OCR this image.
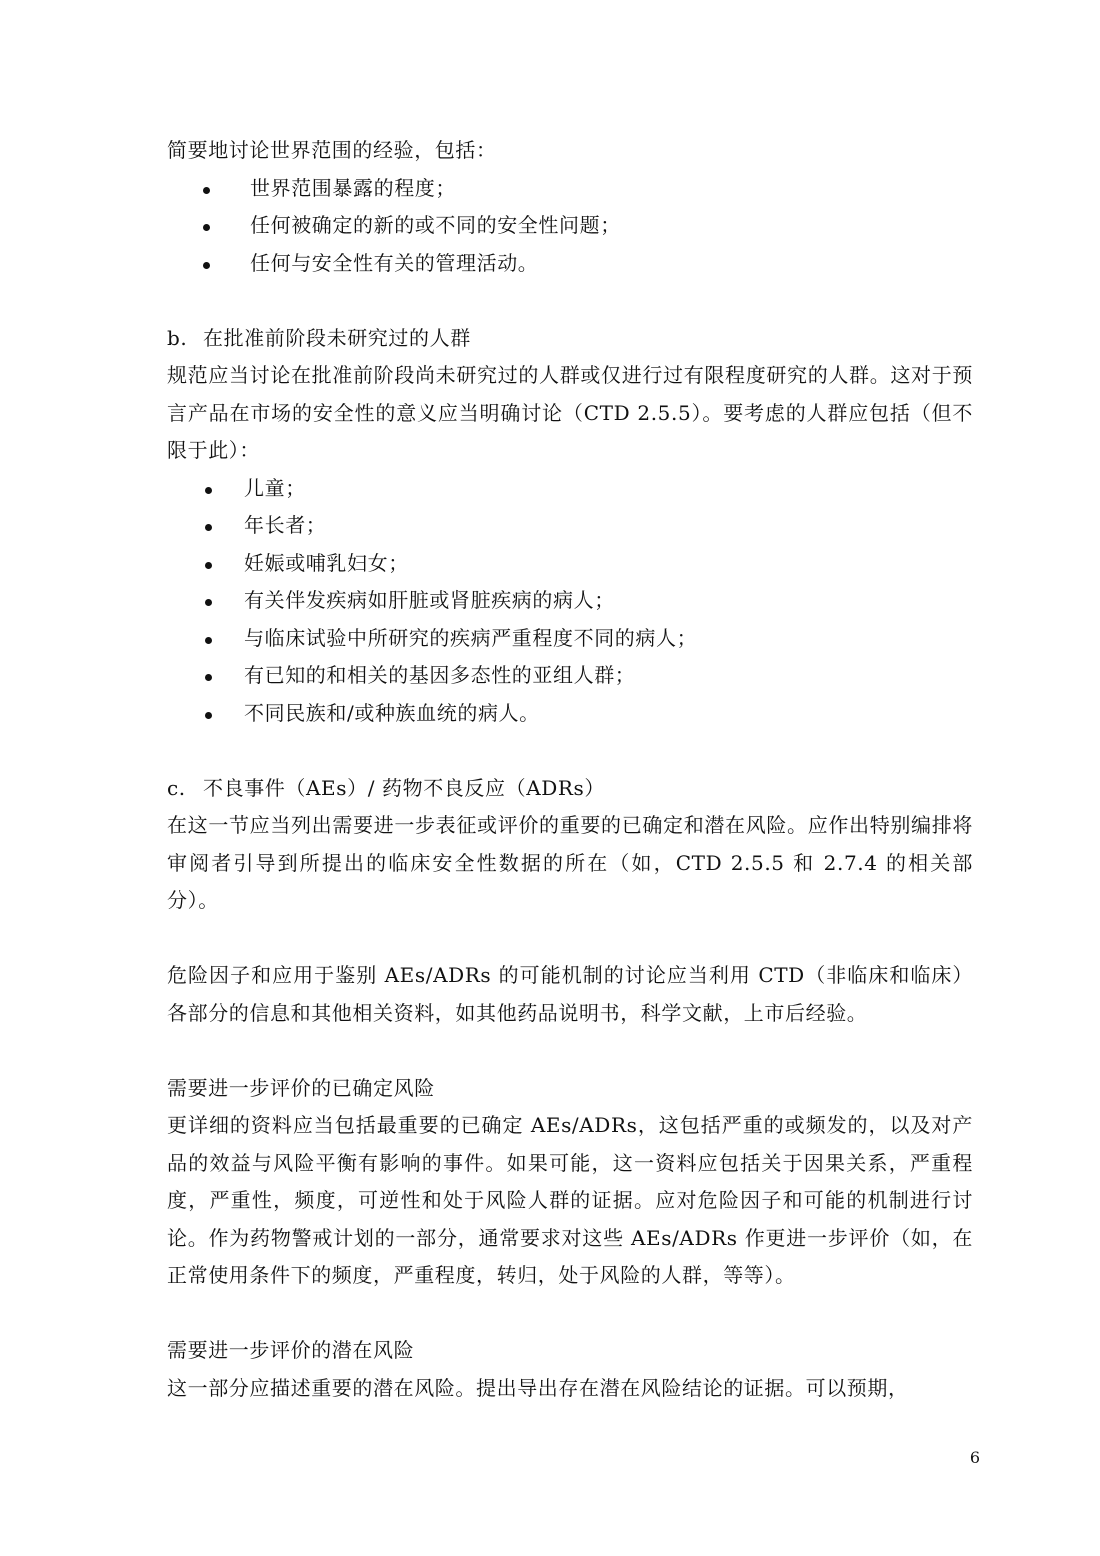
简要地讨论世界范围的经验，包括：

世界范围暴露的程度；
任何被确定的新的或不同的安全性问题；
任何与安全性有关的管理活动。

b. 在批准前阶段未研究过的人群

规范应当讨论在批准前阶段尚未研究过的人群或仅进行过有限程度研究的人群。这对于预言产品在市场的安全性的意义应当明确讨论（CTD 2.5.5）。要考虑的人群应包括（但不限于此）：

儿童；
年长者；
妊娠或哺乳妇女；
有关伴发疾病如肝脏或肾脏疾病的病人；
与临床试验中所研究的疾病严重程度不同的病人；
有已知的和相关的基因多态性的亚组人群；
不同民族和/或种族血统的病人。

c. 不良事件（AEs）/ 药物不良反应（ADRs）

在这一节应当列出需要进一步表征或评价的重要的已确定和潜在风险。应作出特别编排将审阅者引导到所提出的临床安全性数据的所在（如，CTD 2.5.5 和 2.7.4 的相关部分）。

危险因子和应用于鉴别 AEs/ADRs 的可能机制的讨论应当利用 CTD（非临床和临床）各部分的信息和其他相关资料，如其他药品说明书，科学文献，上市后经验。

需要进一步评价的已确定风险

更详细的资料应当包括最重要的已确定 AEs/ADRs，这包括严重的或频发的，以及对产品的效益与风险平衡有影响的事件。如果可能，这一资料应包括关于因果关系，严重程度，严重性，频度，可逆性和处于风险人群的证据。应对危险因子和可能的机制进行讨论。作为药物警戒计划的一部分，通常要求对这些 AEs/ADRs 作更进一步评价（如，在正常使用条件下的频度，严重程度，转归，处于风险的人群，等等）。

需要进一步评价的潜在风险

这一部分应描述重要的潜在风险。提出导出存在潜在风险结论的证据。可以预期，

6
